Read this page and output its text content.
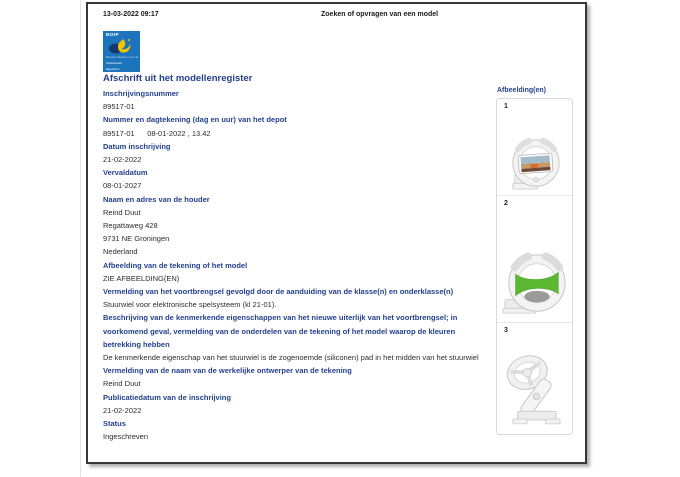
13-03-2022 09:17	Zoeken of opvragen van een model
BOIP
Benelux-Bureau voor de
Intellectuele
Eigendom
Afschrift uit het modellenregister
Inschrijvingsnummer
89517-01
Nummer en dagtekening (dag en uur) van het depot
89517-01      08-01-2022 , 13.42
Datum inschrijving
21-02-2022
Vervaldatum
08-01-2027
Naam en adres van de houder
Reind Duut
Regattaweg 428
9731 NE Groningen
Nederland
Afbeelding van de tekening of het model
ZIE AFBEELDING(EN)
Vermelding van het voortbrengsel gevolgd door de aanduiding van de klasse(n) en onderklasse(n)
Stuurwiel voor elektronische spelsysteem (kl 21-01).
Beschrijving van de kenmerkende eigenschappen van het nieuwe uiterlijk van het voortbrengsel; in voorkomend geval, vermelding van de onderdelen van de tekening of het model waarop de kleuren betrekking hebben
De kenmerkende eigenschap van het stuurwiel is de zogenoemde (siliconen) pad in het midden van het stuurwiel
Vermelding van de naam van de werkelijke ontwerper van de tekening
Reind Duut
Publicatiedatum van de inschrijving
21-02-2022
Status
Ingeschreven
Afbeelding(en)
1
2
3
